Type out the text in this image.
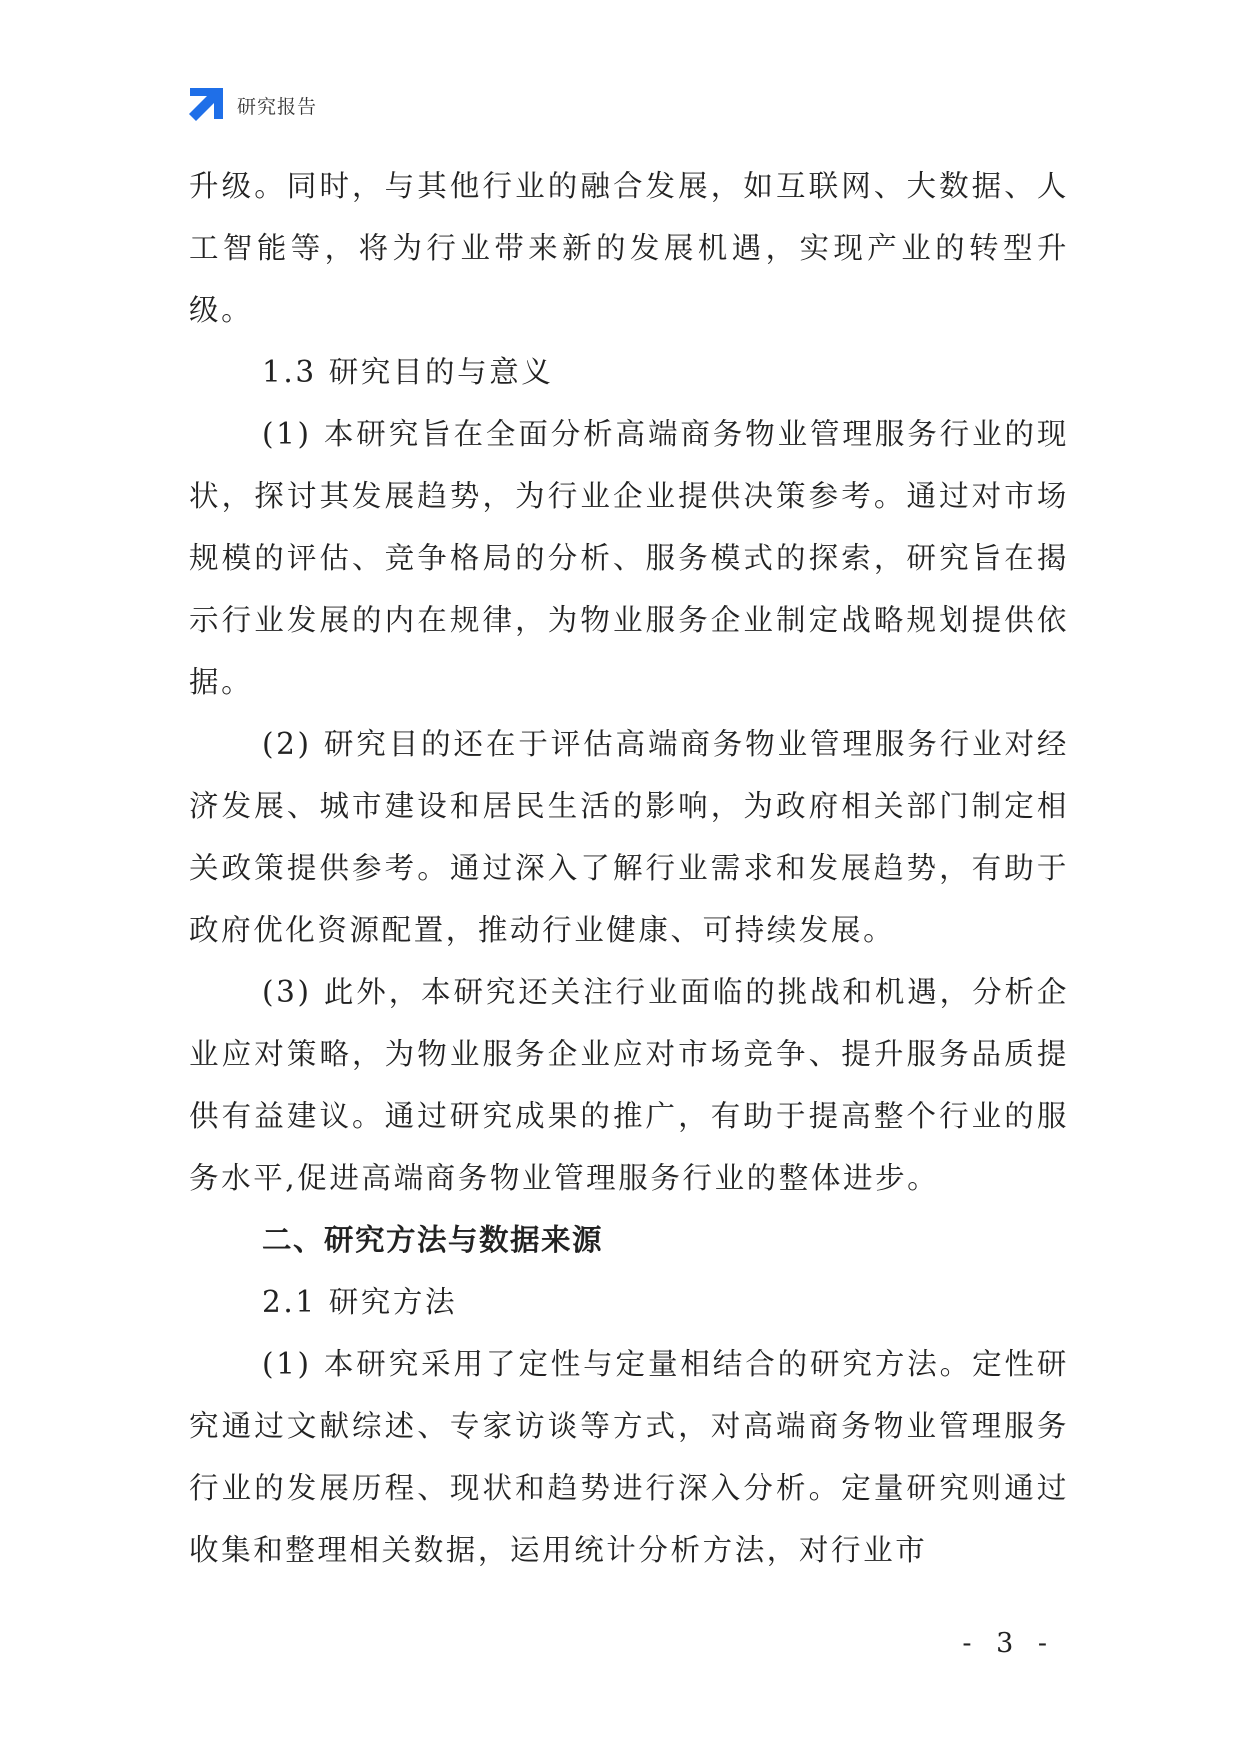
研究报告

升级。同时，与其他行业的融合发展，如互联网、大数据、人工智能等，将为行业带来新的发展机遇，实现产业的转型升级。

1.3 研究目的与意义

(1) 本研究旨在全面分析高端商务物业管理服务行业的现状，探讨其发展趋势，为行业企业提供决策参考。通过对市场规模的评估、竞争格局的分析、服务模式的探索，研究旨在揭示行业发展的内在规律，为物业服务企业制定战略规划提供依据。

(2) 研究目的还在于评估高端商务物业管理服务行业对经济发展、城市建设和居民生活的影响，为政府相关部门制定相关政策提供参考。通过深入了解行业需求和发展趋势，有助于政府优化资源配置，推动行业健康、可持续发展。

(3) 此外，本研究还关注行业面临的挑战和机遇，分析企业应对策略，为物业服务企业应对市场竞争、提升服务品质提供有益建议。通过研究成果的推广，有助于提高整个行业的服务水平,促进高端商务物业管理服务行业的整体进步。

二、研究方法与数据来源

2.1 研究方法

(1) 本研究采用了定性与定量相结合的研究方法。定性研究通过文献综述、专家访谈等方式，对高端商务物业管理服务行业的发展历程、现状和趋势进行深入分析。定量研究则通过收集和整理相关数据，运用统计分析方法，对行业市

- 3 -
